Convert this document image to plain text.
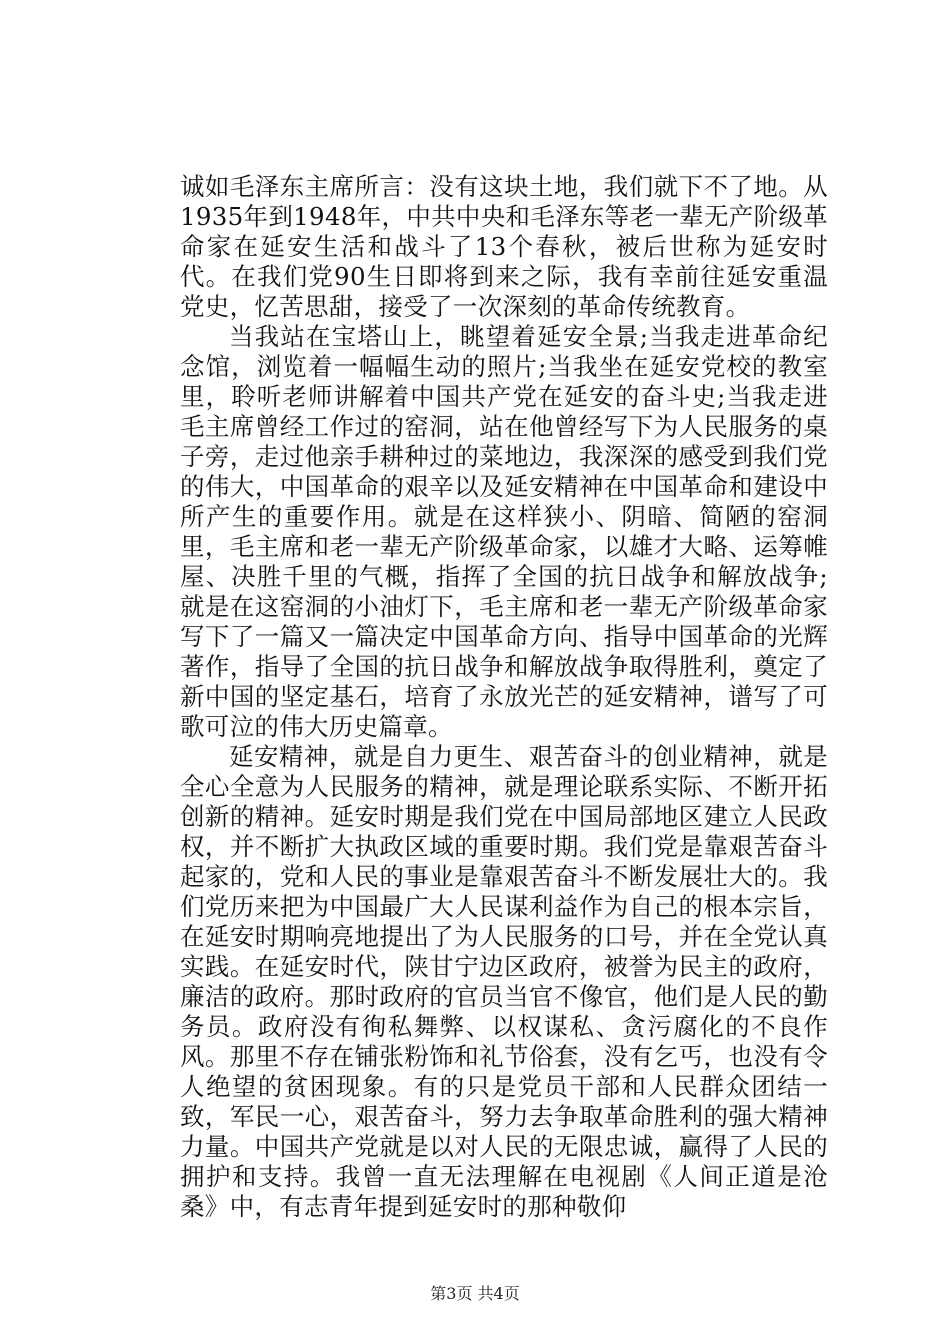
诚如毛泽东主席所言：没有这块土地，我们就下不了地。从1935年到1948年，中共中央和毛泽东等老一辈无产阶级革命家在延安生活和战斗了13个春秋，被后世称为延安时代。在我们党90生日即将到来之际，我有幸前往延安重温党史，忆苦思甜，接受了一次深刻的革命传统教育。

当我站在宝塔山上，眺望着延安全景;当我走进革命纪念馆，浏览着一幅幅生动的照片;当我坐在延安党校的教室里，聆听老师讲解着中国共产党在延安的奋斗史;当我走进毛主席曾经工作过的窑洞，站在他曾经写下为人民服务的桌子旁，走过他亲手耕种过的菜地边，我深深的感受到我们党的伟大，中国革命的艰辛以及延安精神在中国革命和建设中所产生的重要作用。就是在这样狭小、阴暗、简陋的窑洞里，毛主席和老一辈无产阶级革命家，以雄才大略、运筹帷屋、决胜千里的气概，指挥了全国的抗日战争和解放战争;就是在这窑洞的小油灯下，毛主席和老一辈无产阶级革命家写下了一篇又一篇决定中国革命方向、指导中国革命的光辉著作，指导了全国的抗日战争和解放战争取得胜利，奠定了新中国的坚定基石，培育了永放光芒的延安精神，谱写了可歌可泣的伟大历史篇章。

延安精神，就是自力更生、艰苦奋斗的创业精神，就是全心全意为人民服务的精神，就是理论联系实际、不断开拓创新的精神。延安时期是我们党在中国局部地区建立人民政权，并不断扩大执政区域的重要时期。我们党是靠艰苦奋斗起家的，党和人民的事业是靠艰苦奋斗不断发展壮大的。我们党历来把为中国最广大人民谋利益作为自己的根本宗旨，在延安时期响亮地提出了为人民服务的口号，并在全党认真实践。在延安时代，陕甘宁边区政府，被誉为民主的政府，廉洁的政府。那时政府的官员当官不像官，他们是人民的勤务员。政府没有徇私舞弊、以权谋私、贪污腐化的不良作风。那里不存在铺张粉饰和礼节俗套，没有乞丐，也没有令人绝望的贫困现象。有的只是党员干部和人民群众团结一致，军民一心，艰苦奋斗，努力去争取革命胜利的强大精神力量。中国共产党就是以对人民的无限忠诚，赢得了人民的拥护和支持。我曾一直无法理解在电视剧《人间正道是沧桑》中，有志青年提到延安时的那种敬仰

第3页 共4页
